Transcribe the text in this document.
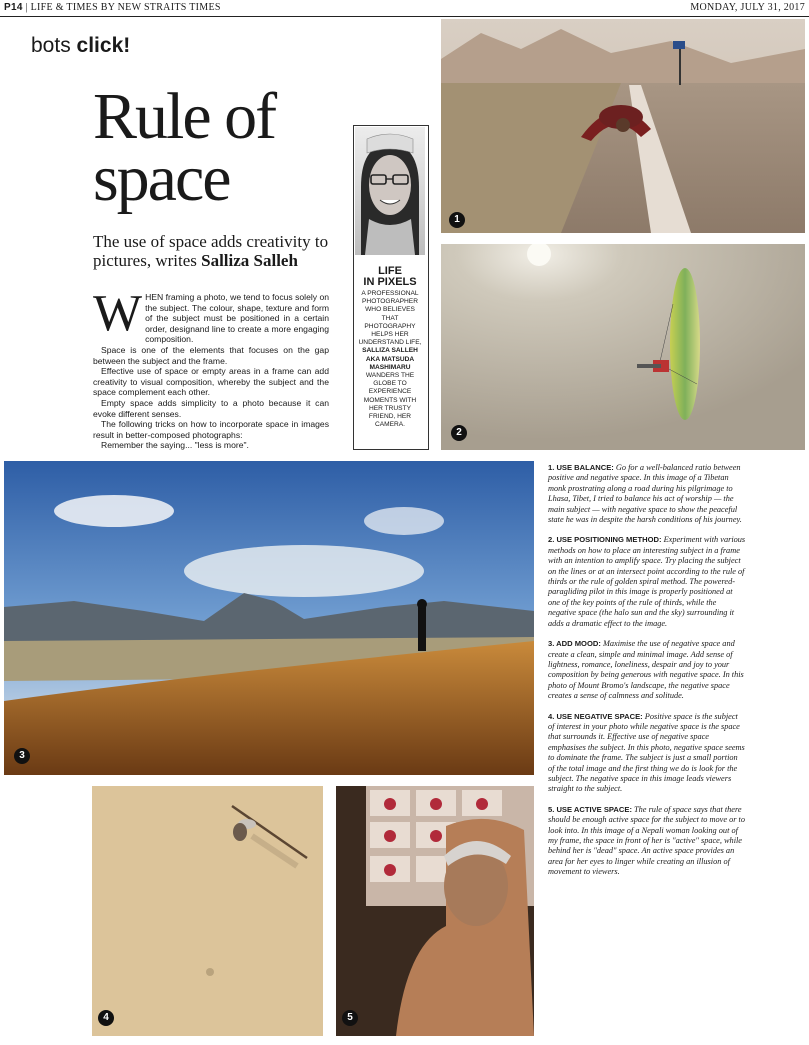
P14 | LIFE & TIMES BY NEW STRAITS TIMES	MONDAY, JULY 31, 2017
bots click!
Rule of
space
The use of space adds creativity to pictures, writes Salliza Salleh
W HEN framing a photo, we tend to focus solely on the subject. The colour, shape, texture and form of the subject must be positioned in a certain order, designand line to create a more engaging composition.

Space is one of the elements that focuses on the gap between the subject and the frame.

Effective use of space or empty areas in a frame can add creativity to visual composition, whereby the subject and the space complement each other.

Empty space adds simplicity to a photo because it can evoke different senses.

The following tricks on how to incorporate space in images result in better-composed photographs:

Remember the saying... "less is more".

LIFE
IN PIXELS
A PROFESSIONAL PHOTOGRAPHER WHO BELIEVES THAT PHOTOGRAPHY HELPS HER UNDERSTAND LIFE, SALLIZA SALLEH AKA MATSUDA MASHIMARU WANDERS THE GLOBE TO EXPERIENCE MOMENTS WITH HER TRUSTY FRIEND, HER CAMERA.
1
2
3
4	5

1. USE BALANCE: Go for a well-balanced ratio between positive and negative space. In this image of a Tibetan monk prostrating along a road during his pilgrimage to Lhasa, Tibet, I tried to balance his act of worship — the main subject — with negative space to show the peaceful state he was in despite the harsh conditions of his journey.

2. USE POSITIONING METHOD: Experiment with various methods on how to place an interesting subject in a frame with an intention to amplify space. Try placing the subject on the lines or at an intersect point according to the rule of thirds or the rule of golden spiral method. The powered-paragliding pilot in this image is properly positioned at one of the key points of the rule of thirds, while the negative space (the halo sun and the sky) surrounding it adds a dramatic effect to the image.

3. ADD MOOD: Maximise the use of negative space and create a clean, simple and minimal image. Add sense of lightness, romance, loneliness, despair and joy to your composition by being generous with negative space. In this photo of Mount Bromo's landscape, the negative space creates a sense of calmness and solitude.

4. USE NEGATIVE SPACE: Positive space is the subject of interest in your photo while negative space is the space that surrounds it. Effective use of negative space emphasises the subject. In this photo, negative space seems to dominate the frame. The subject is just a small portion of the total image and the first thing we do is look for the subject. The negative space in this image leads viewers straight to the subject.

5. USE ACTIVE SPACE: The rule of space says that there should be enough active space for the subject to move or to look into. In this image of a Nepali woman looking out of my frame, the space in front of her is "active" space, while behind her is "dead" space. An active space provides an area for her eyes to linger while creating an illusion of movement to viewers.
